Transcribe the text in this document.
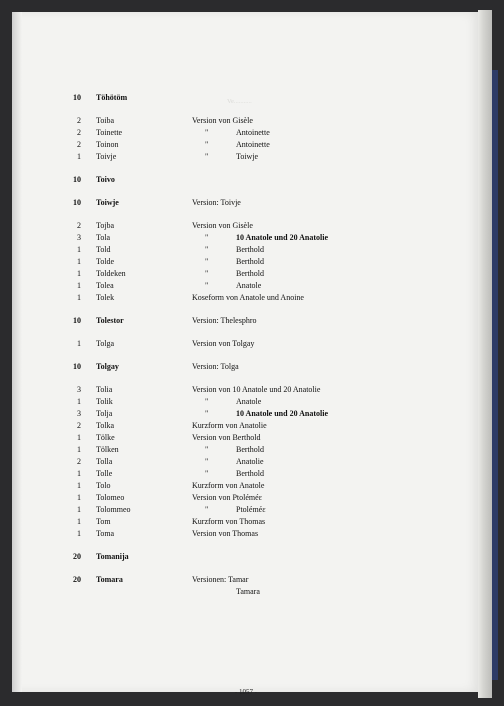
Ve...........
10 Töhötöm
2 Toiba	Version von Gisèle
2 Toinette	"	Antoinette
2 Toinon	"	Antoinette
1 Toivje	"	Toiwje
10 Toivo
10 Toiwje	Version: Toivje
2 Tojba	Version von Gisèle
3 Tola	"	10 Anatole und 20 Anatolie
1 Told	"	Berthold
1 Tolde	"	Berthold
1 Toldeken	"	Berthold
1 Tolea	"	Anatole
1 Tolek	Koseform von Anatole und Anoine
10 Tolestor	Version: Thelesphro
1 Tolga	Version von Tolgay
10 Tolgay	Version: Tolga
3 Tolia	Version von 10 Anatole und 20 Anatolie
1 Tolik	"	Anatole
3 Tolja	"	10 Anatole und 20 Anatolie
2 Tolka	Kurzform von Anatolie
1 Tölke	Version von Berthold
1 Tölken	"	Berthold
2 Tolla	"	Anatolie
1 Tolle	"	Berthold
1 Tolo	Kurzform von Anatole
1 Tolomeo	Version von Ptoléméε
1 Tolommeo	"	Ptoléméε
1 Tom	Kurzform von Thomas
1 Toma	Version von Thomas
20 Tomanija
20 Tomara	Versionen: Tamar
Tamara
- 1057 -
